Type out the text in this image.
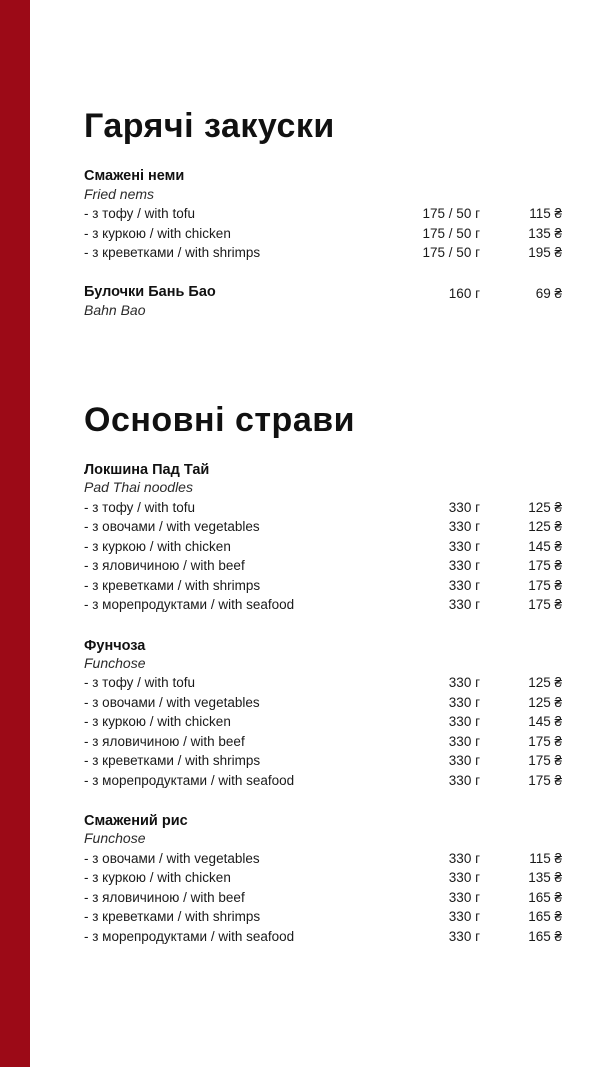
Гарячі закуски
Смажені неми
Fried nems
- з тофу / with tofu	175 / 50 г	115 ₴
- з куркою / with chicken	175 / 50 г	135 ₴
- з креветками / with shrimps	175 / 50 г	195 ₴
Булочки Бань Бао
Bahn Bao
160 г	69 ₴
Основні страви
Локшина Пад Тай
Pad Thai noodles
- з тофу / with tofu	330 г	125 ₴
- з овочами / with vegetables	330 г	125 ₴
- з куркою / with chicken	330 г	145 ₴
- з яловичиною / with beef	330 г	175 ₴
- з креветками / with shrimps	330 г	175 ₴
- з морепродуктами / with seafood	330 г	175 ₴
Фунчоза
Funchose
- з тофу / with tofu	330 г	125 ₴
- з овочами / with vegetables	330 г	125 ₴
- з куркою / with chicken	330 г	145 ₴
- з яловичиною / with beef	330 г	175 ₴
- з креветками / with shrimps	330 г	175 ₴
- з морепродуктами / with seafood	330 г	175 ₴
Смажений рис
Funchose
- з овочами / with vegetables	330 г	115 ₴
- з куркою / with chicken	330 г	135 ₴
- з яловичиною / with beef	330 г	165 ₴
- з креветками / with shrimps	330 г	165 ₴
- з морепродуктами / with seafood	330 г	165 ₴
